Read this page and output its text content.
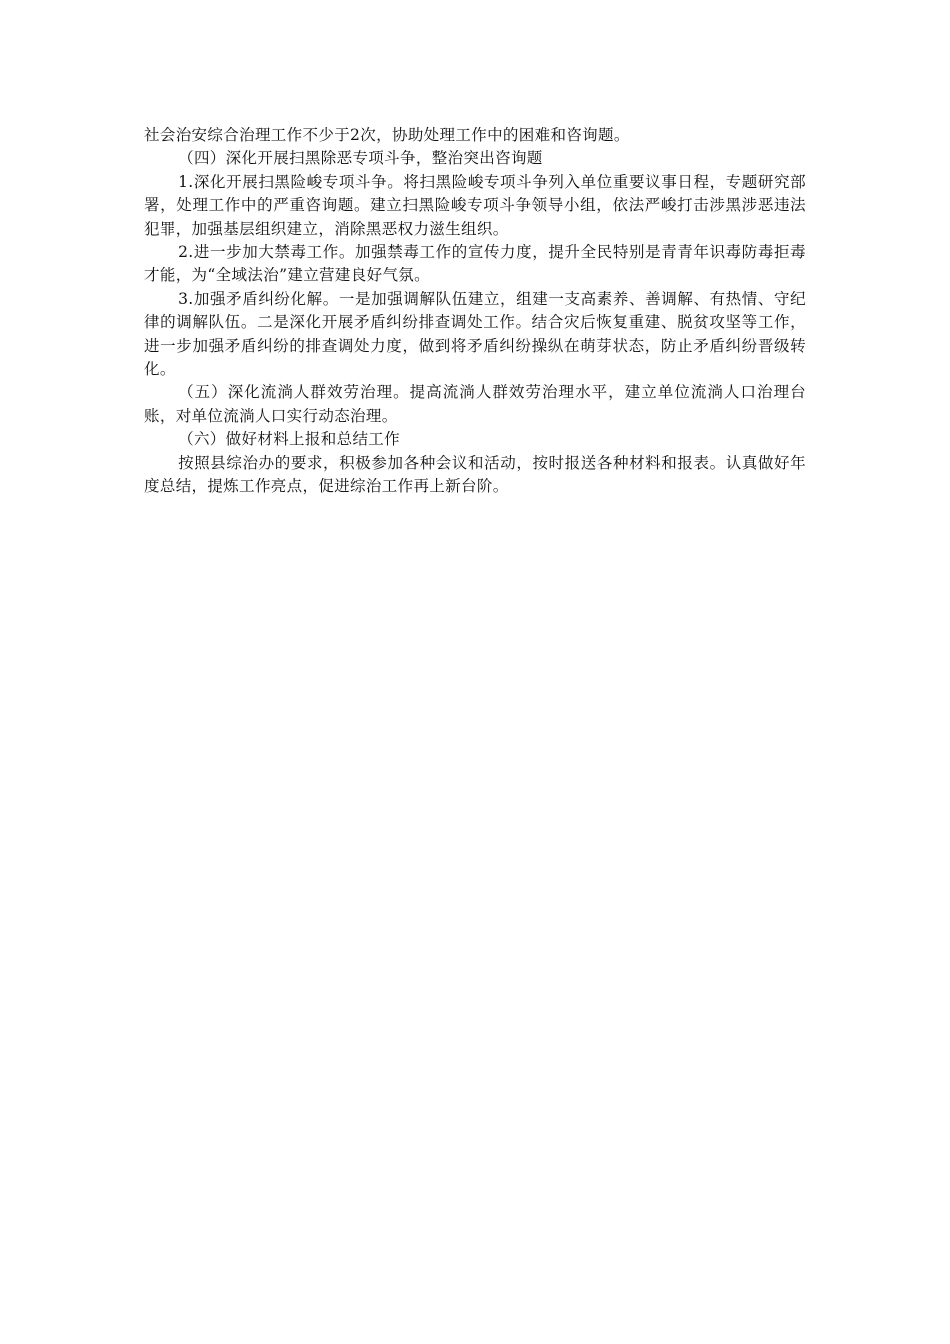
社会治安综合治理工作不少于2次，协助处理工作中的困难和咨询题。

（四）深化开展扫黑除恶专项斗争，整治突出咨询题

1.深化开展扫黑险峻专项斗争。将扫黑险峻专项斗争列入单位重要议事日程，专题研究部署，处理工作中的严重咨询题。建立扫黑险峻专项斗争领导小组，依法严峻打击涉黑涉恶违法犯罪，加强基层组织建立，消除黑恶权力滋生组织。

2.进一步加大禁毒工作。加强禁毒工作的宣传力度，提升全民特别是青青年识毒防毒拒毒才能，为“全域法治”建立营建良好气氛。

3.加强矛盾纠纷化解。一是加强调解队伍建立，组建一支高素养、善调解、有热情、守纪律的调解队伍。二是深化开展矛盾纠纷排查调处工作。结合灾后恢复重建、脱贫攻坚等工作，进一步加强矛盾纠纷的排查调处力度，做到将矛盾纠纷操纵在萌芽状态，防止矛盾纠纷晋级转化。

（五）深化流淌人群效劳治理。提高流淌人群效劳治理水平，建立单位流淌人口治理台账，对单位流淌人口实行动态治理。

（六）做好材料上报和总结工作

按照县综治办的要求，积极参加各种会议和活动，按时报送各种材料和报表。认真做好年度总结，提炼工作亮点，促进综治工作再上新台阶。
